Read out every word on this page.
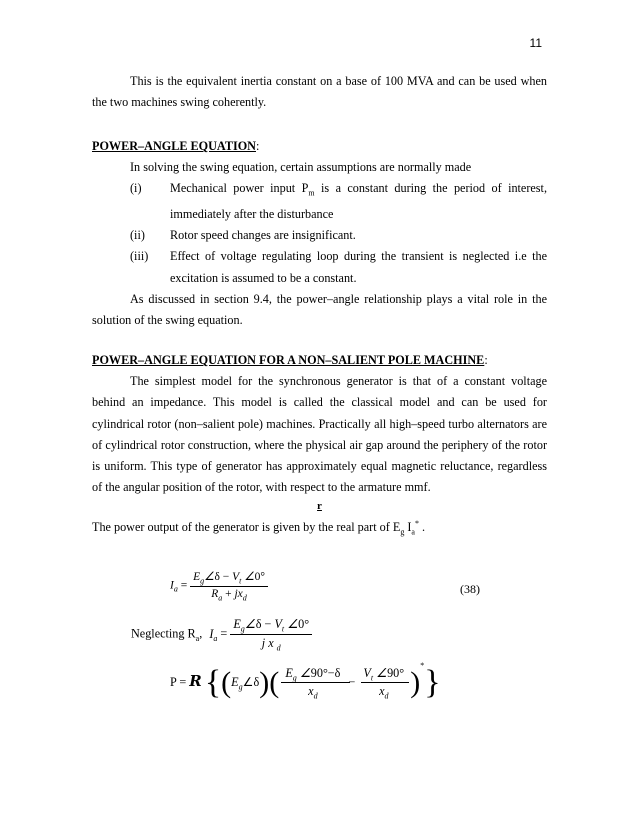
11

This is the equivalent inertia constant on a base of 100 MVA and can be used when the two machines swing coherently.

POWER–ANGLE EQUATION:

In solving the swing equation, certain assumptions are normally made

(i)	Mechanical power input $P_m$ is a constant during the period of interest, immediately after the disturbance
(ii)	Rotor speed changes are insignificant.
(iii)	Effect of voltage regulating loop during the transient is neglected i.e the excitation is assumed to be a constant.

As discussed in section 9.4, the power–angle relationship plays a vital role in the solution of the swing equation.

POWER–ANGLE EQUATION FOR A NON–SALIENT POLE MACHINE:

The simplest model for the synchronous generator is that of a constant voltage behind an impedance. This model is called the classical model and can be used for cylindrical rotor (non–salient pole) machines. Practically all high–speed turbo alternators are of cylindrical rotor construction, where the physical air gap around the periphery of the rotor is uniform. This type of generator has approximately equal magnetic reluctance, regardless of the angular position of the rotor, with respect to the armature mmf.

r

The power output of the generator is given by the real part of $E_g$ $I_a^*$ .

$I_a = \frac{E_g\angle\delta - V_t \angle 0^\circ}{R_a + jx_d}$	(38)
Neglecting $R_a$, $I_a = \frac{E_g\angle\delta - V_t \angle 0^\circ}{j x _d}$
P = R {$(E_g\angle\delta)$( $E_g$ ∠90°−δ
$x_d$
−
$V_t$ ∠90°
$x_d$ )*}
